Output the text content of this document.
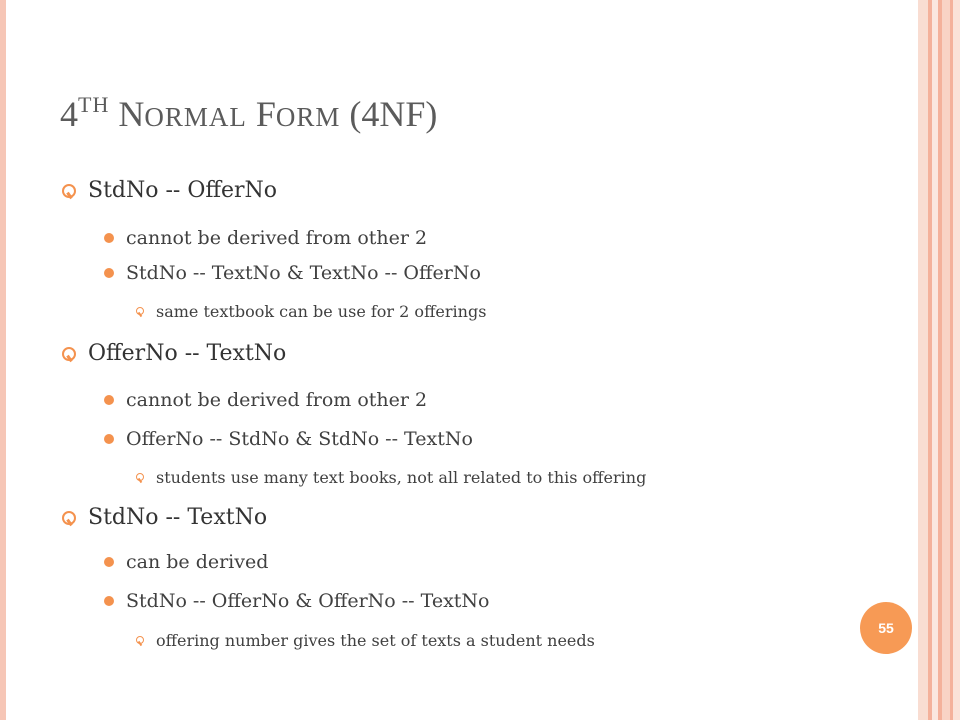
4TH NORMAL FORM (4NF)
StdNo -- OfferNo
cannot be derived from other 2
StdNo -- TextNo & TextNo -- OfferNo
same textbook can be use for 2 offerings
OfferNo -- TextNo
cannot be derived from other 2
OfferNo -- StdNo & StdNo -- TextNo
students use many text books, not all related to this offering
StdNo -- TextNo
can be derived
StdNo -- OfferNo & OfferNo -- TextNo
offering number gives the set of texts a student needs
55
